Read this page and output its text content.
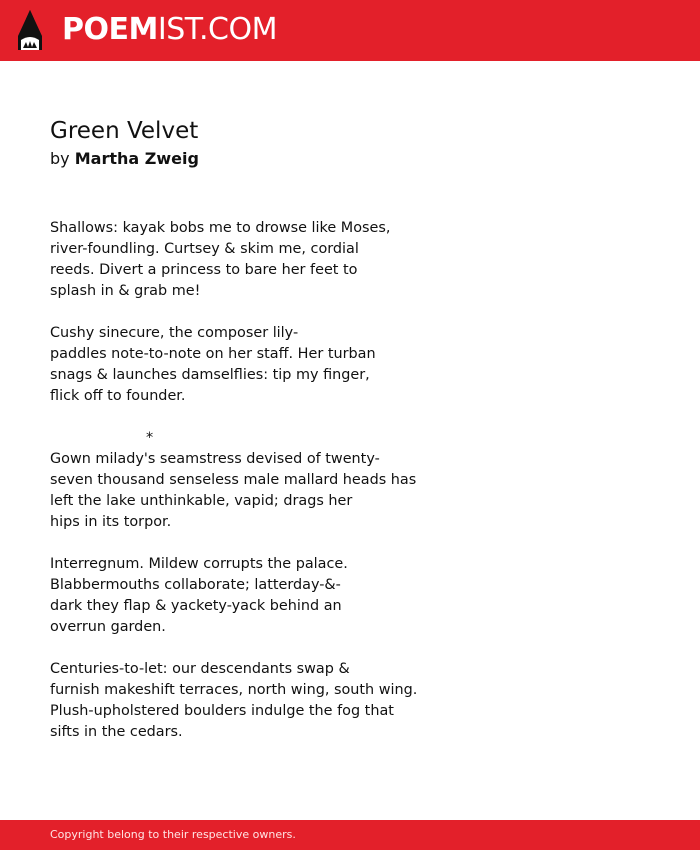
POEMIST.COM
Green Velvet

by Martha Zweig

Shallows: kayak bobs me to drowse like Moses,
river-foundling. Curtsey & skim me, cordial
reeds. Divert a princess to bare her feet to
splash in & grab me!
Cushy sinecure, the composer lily-
paddles note-to-note on her staff. Her turban
snags & launches damselflies: tip my finger,
flick off to founder.
*
Gown milady's seamstress devised of twenty-
seven thousand senseless male mallard heads has
left the lake unthinkable, vapid; drags her
hips in its torpor.
Interregnum. Mildew corrupts the palace.
Blabbermouths collaborate; latterday-&-
dark they flap & yackety-yack behind an
overrun garden.
Centuries-to-let: our descendants swap &
furnish makeshift terraces, north wing, south wing.
Plush-upholstered boulders indulge the fog that
sifts in the cedars.
Copyright belong to their respective owners.
